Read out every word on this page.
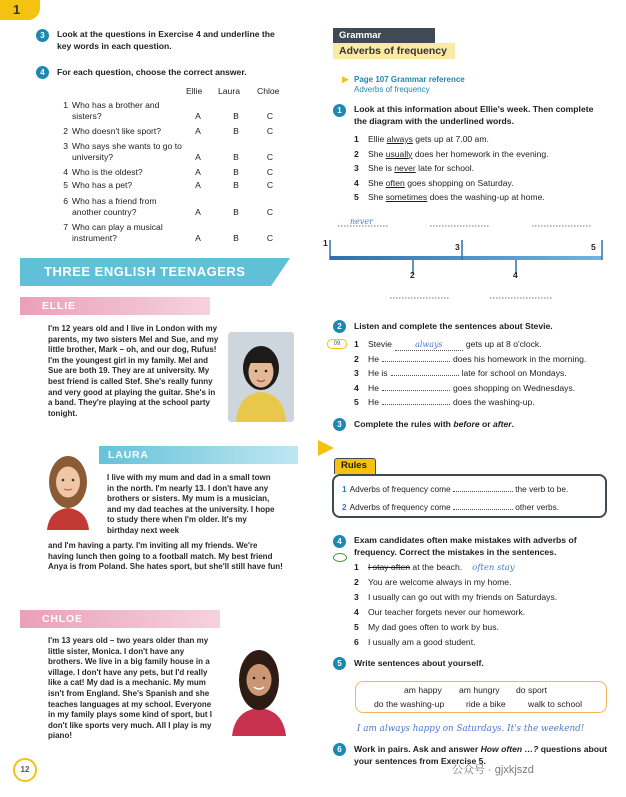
1
3	Look at the questions in Exercise 4 and underline the key words in each question.
4	For each question, choose the correct answer.
Ellie Laura Chloe
1 Who has a brother and sisters?	A	B	C
2 Who doesn't like sport?	A	B	C
3 Who says she wants to go to university?	A	B	C
4 Who is the oldest?	A	B	C
5 Who has a pet?	A	B	C
6 Who has a friend from another country?	A	B	C
7 Who can play a musical instrument?	A	B	C
THREE ENGLISH TEENAGERS
ELLIE
I'm 12 years old and I live in London with my parents, my two sisters Mel and Sue, and my little brother, Mark – oh, and our dog, Rufus! I'm the youngest girl in my family. Mel and Sue are both 19. They are at university. My best friend is called Stef. She's really funny and very good at playing the guitar. She's in a band. They're playing at the school party tonight.
LAURA
I live with my mum and dad in a small town in the north. I'm nearly 13. I don't have any brothers or sisters. My mum is a musician, and my dad teaches at the university. I hope to study there when I'm older. It's my birthday next week
and I'm having a party. I'm inviting all my friends. We're having lunch then going to a football match. My best friend Anya is from Poland. She hates sport, but she'll still have fun!
CHLOE
I'm 13 years old – two years older than my little sister, Monica. I don't have any brothers. We live in a big family house in a village. I don't have any pets, but I'd really like a cat! My dad is a mechanic. My mum isn't from England. She's Spanish and she teaches languages at my school. Everyone in my family plays some kind of sport, but I don't like sports very much. All I play is my piano!
12
Grammar
Adverbs of frequency
▶ Page 107 Grammar reference
Adverbs of frequency
1	Look at this information about Ellie's week. Then complete the diagram with the underlined words.
1 Ellie always gets up at 7.00 am.
2 She usually does her homework in the evening.
3 She is never late for school.
4 She often goes shopping on Saturday.
5 She sometimes does the washing-up at home.
never
1
2
3
4
5
2	Listen and complete the sentences about Stevie.
09	1 Stevie	always	gets up at 8 o'clock.
2 He	does his homework in the morning.
3 He is	late for school on Mondays.
4 He	goes shopping on Wednesdays.
5 He	does the washing-up.
3	Complete the rules with before or after.
Rules
1 Adverbs of frequency come	the verb to be.
2 Adverbs of frequency come	other verbs.
4	Exam candidates often make mistakes with adverbs of frequency. Correct the mistakes in the sentences.
1 I stay often at the beach. often stay
2 You are welcome always in my home.
3 I usually can go out with my friends on Saturdays.
4 Our teacher forgets never our homework.
5 My dad goes often to work by bus.
6 I usually am a good student.
5	Write sentences about yourself.
am happy am hungry do sport
do the washing-up	ride a bike	walk to school
I am always happy on Saturdays. It's the weekend!
6	Work in pairs. Ask and answer How often …? questions about your sentences from Exercise 5.
公众号 · gjxkjszd
